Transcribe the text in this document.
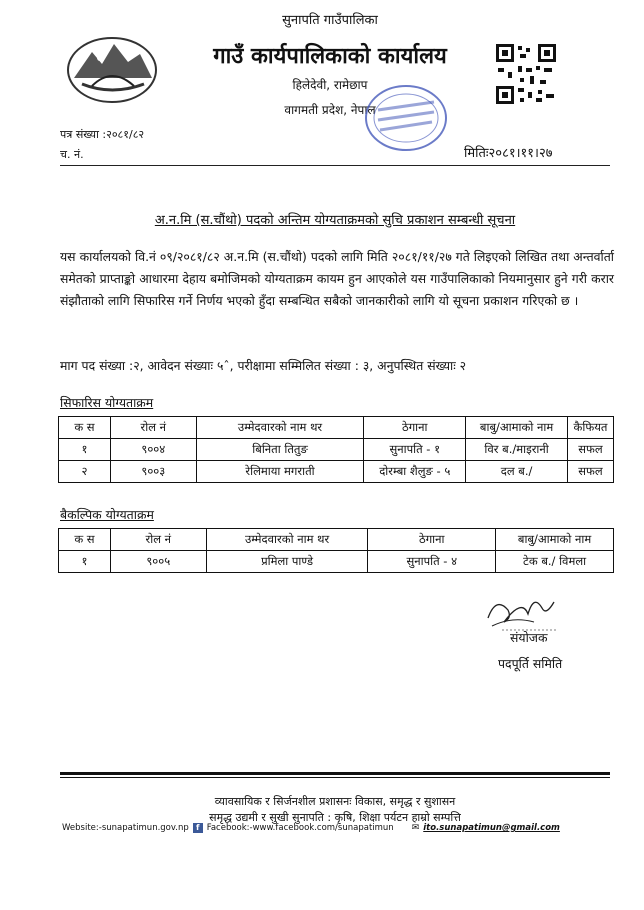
सुनापति गाउँपालिका
गाउँ कार्यपालिकाको कार्यालय
हिलेदेवी, रामेछाप
वागमती प्रदेश, नेपाल
पत्र संख्या :२०८१/८२
च. नं.	मितिः२०८१।११।२७
अ.न.मि (स.चौंथो) पदको अन्तिम योग्यताक्रमको सुचि प्रकाशन सम्बन्धी सूचना
यस कार्यालयको वि.नं ०९/२०८१/८२ अ.न.मि (स.चौंथो) पदको लागि मिति २०८१/११/२७ गते लिइएको लिखित तथा अन्तर्वार्ता समेतको प्राप्ताङ्को आधारमा देहाय बमोजिमको योग्यताक्रम कायम हुन आएकोले यस गाउँपालिकाको नियमानुसार हुने गरी करार संझौताको लागि सिफारिस गर्ने निर्णय भएको हुँदा सम्बन्धित सबैको जानकारीको लागि यो सूचना प्रकाशन गरिएको छ ।
माग पद संख्या :२, आवेदन संख्याः ५ˆ, परीक्षामा सम्मिलित संख्या : ३, अनुपस्थित संख्याः २
सिफारिस योग्यताक्रम
क स	रोल नं	उम्मेदवारको नाम थर	ठेगाना	बाबु/आमाको नाम	कैफियत
१	९००४	बिनिता तितुङ	सुनापति - १	विर ब./माइरानी	सफल
२	९००३	रेलिमाया मगराती	दोरम्बा शैलुङ - ५	दल ब./	सफल
बैकल्पिक योग्यताक्रम
क स	रोल नं	उम्मेदवारको नाम थर	ठेगाना	बाबु/आमाको नाम
१	९००५	प्रमिला पाण्डे	सुनापति - ४	टेक ब./ विमला
संयोजक
पदपूर्ति समिति
व्यावसायिक र सिर्जनशील प्रशासनः विकास, समृद्ध र सुशासन
समृद्ध उद्यमी र सुखी सुनापति : कृषि, शिक्षा पर्यटन हाम्रो सम्पत्ति
Website:-sunapatimun.gov.np f Facebook:-www.facebook.com/sunapatimun ✉ ito.sunapatimun@gmail.com
